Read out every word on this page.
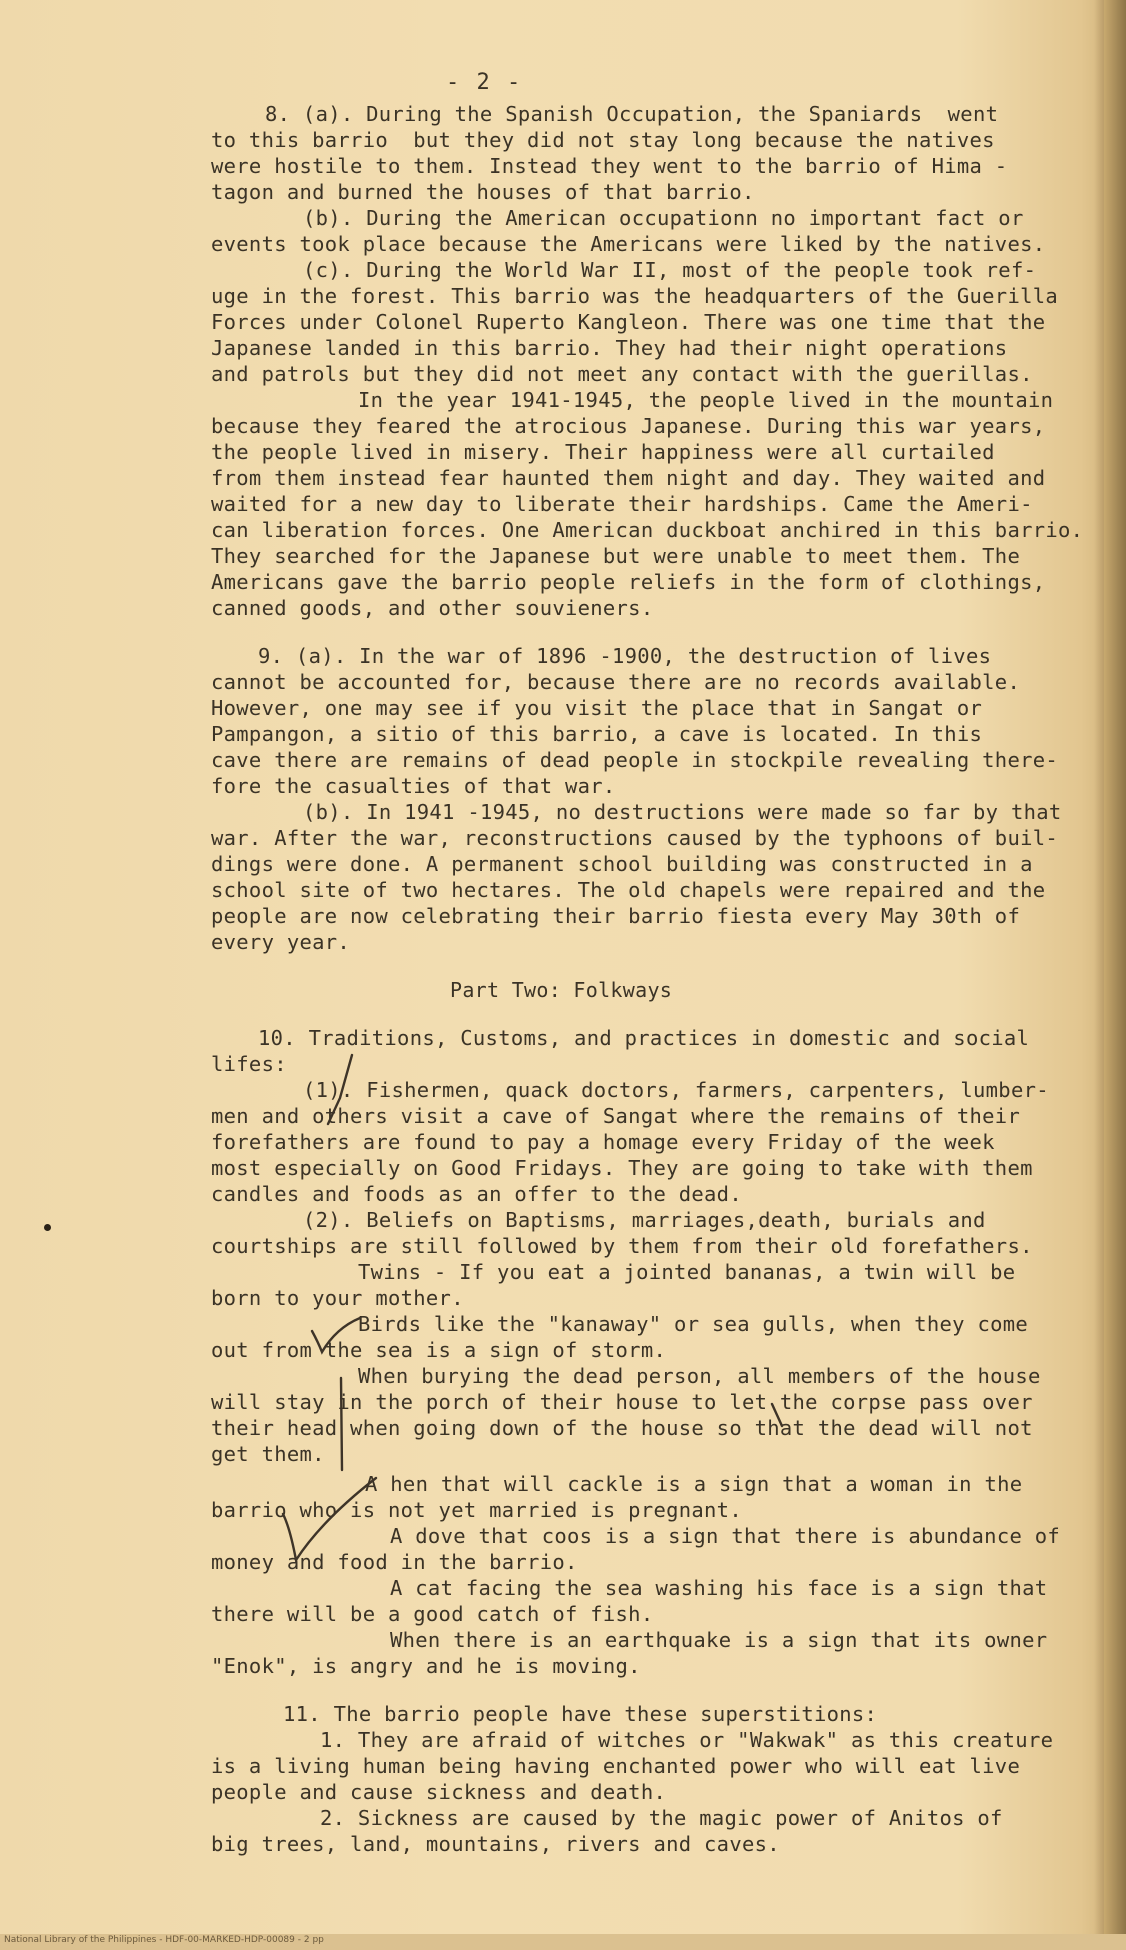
- 2 -
8. (a). During the Spanish Occupation, the Spaniards  went
to this barrio  but they did not stay long because the natives
were hostile to them. Instead they went to the barrio of Hima -
tagon and burned the houses of that barrio.
(b). During the American occupationn no important fact or
events took place because the Americans were liked by the natives.
(c). During the World War II, most of the people took ref-
uge in the forest. This barrio was the headquarters of the Guerilla
Forces under Colonel Ruperto Kangleon. There was one time that the
Japanese landed in this barrio. They had their night operations
and patrols but they did not meet any contact with the guerillas.
In the year 1941-1945, the people lived in the mountain
because they feared the atrocious Japanese. During this war years,
the people lived in misery. Their happiness were all curtailed
from them instead fear haunted them night and day. They waited and
waited for a new day to liberate their hardships. Came the Ameri-
can liberation forces. One American duckboat anchired in this barrio.
They searched for the Japanese but were unable to meet them. The
Americans gave the barrio people reliefs in the form of clothings,
canned goods, and other souvieners.
9. (a). In the war of 1896 -1900, the destruction of lives
cannot be accounted for, because there are no records available.
However, one may see if you visit the place that in Sangat or
Pampangon, a sitio of this barrio, a cave is located. In this
cave there are remains of dead people in stockpile revealing there-
fore the casualties of that war.
(b). In 1941 -1945, no destructions were made so far by that
war. After the war, reconstructions caused by the typhoons of buil-
dings were done. A permanent school building was constructed in a
school site of two hectares. The old chapels were repaired and the
people are now celebrating their barrio fiesta every May 30th of
every year.
Part Two: Folkways
10. Traditions, Customs, and practices in domestic and social
lifes:
(1). Fishermen, quack doctors, farmers, carpenters, lumber-
men and others visit a cave of Sangat where the remains of their
forefathers are found to pay a homage every Friday of the week
most especially on Good Fridays. They are going to take with them
candles and foods as an offer to the dead.
(2). Beliefs on Baptisms, marriages,death, burials and
courtships are still followed by them from their old forefathers.
Twins - If you eat a jointed bananas, a twin will be
born to your mother.
Birds like the "kanaway" or sea gulls, when they come
out from the sea is a sign of storm.
When burying the dead person, all members of the house
will stay in the porch of their house to let the corpse pass over
their head when going down of the house so that the dead will not
get them.
A hen that will cackle is a sign that a woman in the
barrio who is not yet married is pregnant.
A dove that coos is a sign that there is abundance of
money and food in the barrio.
A cat facing the sea washing his face is a sign that
there will be a good catch of fish.
When there is an earthquake is a sign that its owner
"Enok", is angry and he is moving.
11. The barrio people have these superstitions:
1. They are afraid of witches or "Wakwak" as this creature
is a living human being having enchanted power who will eat live
people and cause sickness and death.
2. Sickness are caused by the magic power of Anitos of
big trees, land, mountains, rivers and caves.
National Library of the Philippines - HDF-00-MARKED-HDP-00089 - 2 pp
